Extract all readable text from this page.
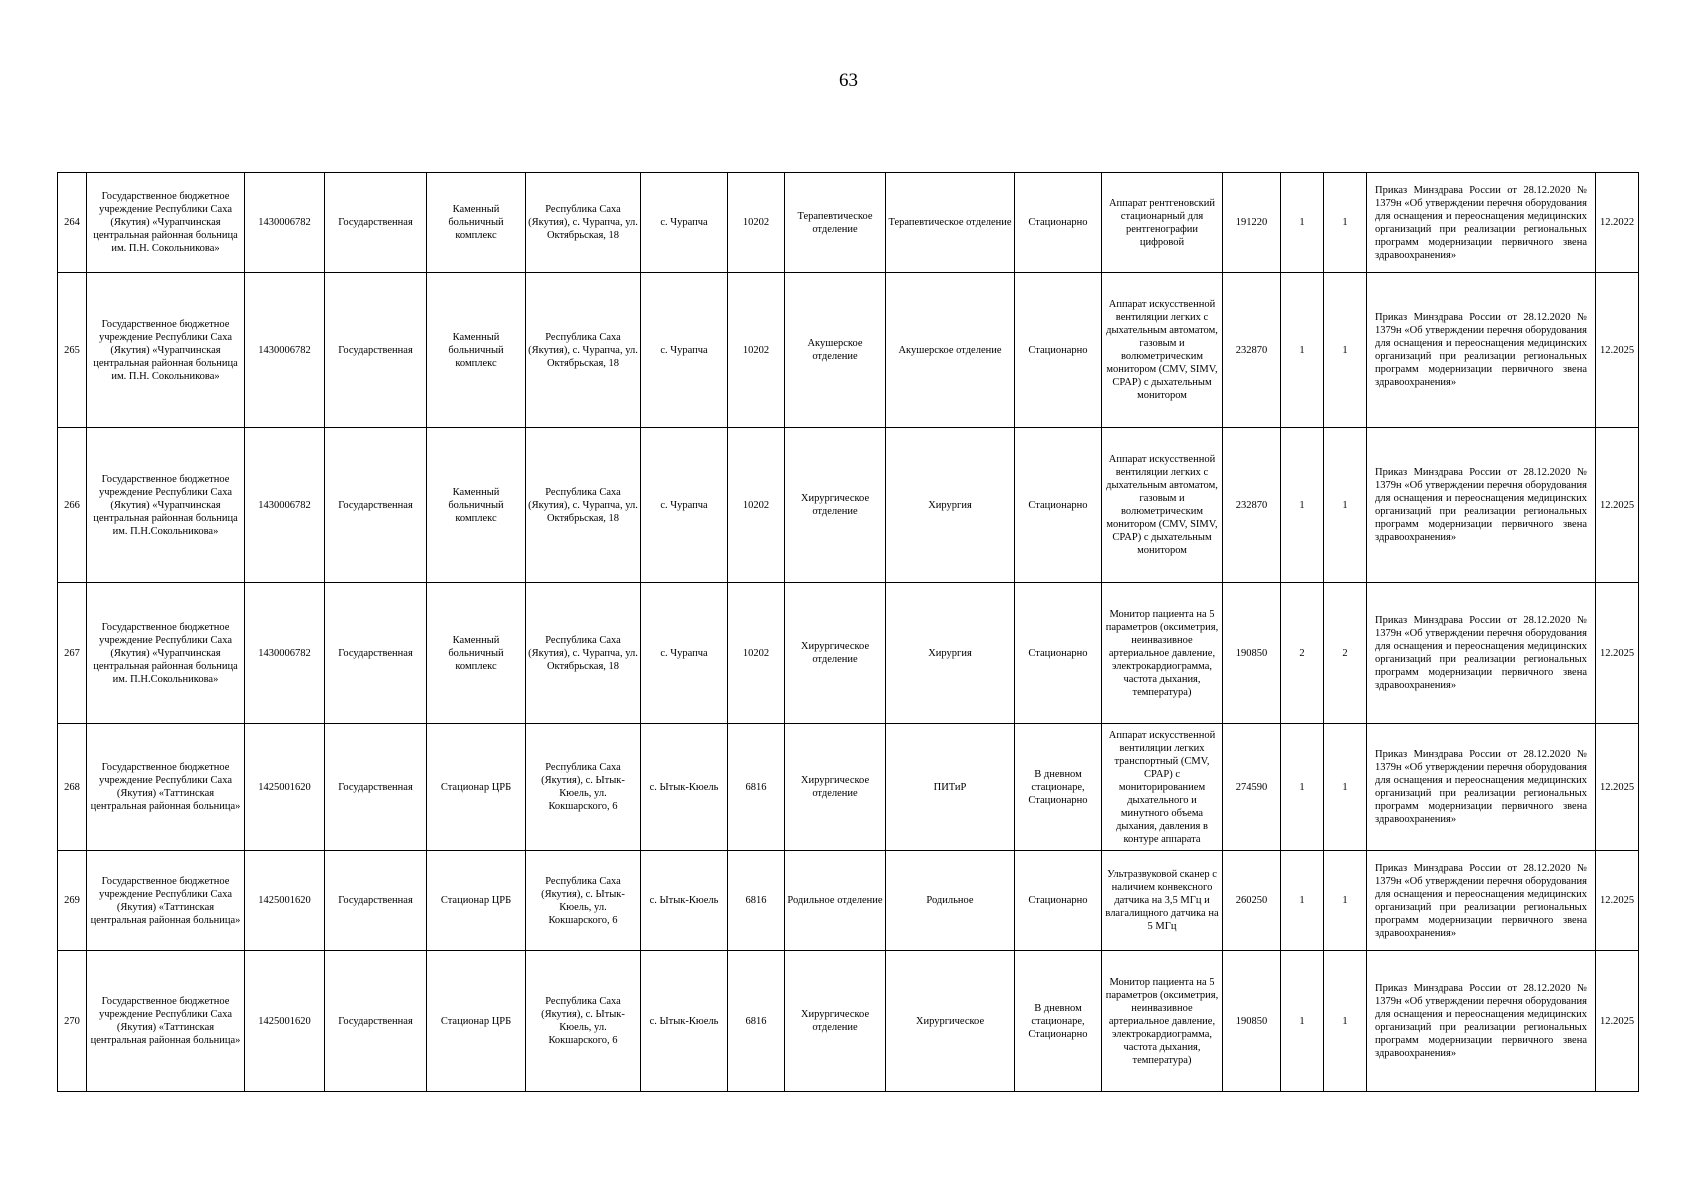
63
264	Государственное бюджетное учреждение Республики Саха (Якутия) «Чурапчинская центральная районная больница им. П.Н. Сокольникова»	1430006782	Государственная	Каменный больничный комплекс	Республика Саха (Якутия), с. Чурапча, ул. Октябрьская, 18	с. Чурапча	10202	Терапевтическое отделение	Терапевтическое отделение	Стационарно	Аппарат рентгеновский стационарный для рентгенографии цифровой	191220	1	1	Приказ Минздрава России от 28.12.2020 № 1379н «Об утверждении перечня оборудования для оснащения и переоснащения медицинских организаций при реализации региональных программ модернизации первичного звена здравоохранения»	12.2022
265	Государственное бюджетное учреждение Республики Саха (Якутия) «Чурапчинская центральная районная больница им. П.Н. Сокольникова»	1430006782	Государственная	Каменный больничный комплекс	Республика Саха (Якутия), с. Чурапча, ул. Октябрьская, 18	с. Чурапча	10202	Акушерское отделение	Акушерское отделение	Стационарно	Аппарат искусственной вентиляции легких с дыхательным автоматом, газовым и волюметрическим монитором (CMV, SIMV, CPAP) с дыхательным монитором	232870	1	1	Приказ Минздрава России от 28.12.2020 № 1379н «Об утверждении перечня оборудования для оснащения и переоснащения медицинских организаций при реализации региональных программ модернизации первичного звена здравоохранения»	12.2025
266	Государственное бюджетное учреждение Республики Саха (Якутия) «Чурапчинская центральная районная больница им. П.Н.Сокольникова»	1430006782	Государственная	Каменный больничный комплекс	Республика Саха (Якутия), с. Чурапча, ул. Октябрьская, 18	с. Чурапча	10202	Хирургическое отделение	Хирургия	Стационарно	Аппарат искусственной вентиляции легких с дыхательным автоматом, газовым и волюметрическим монитором (CMV, SIMV, CPAP) с дыхательным монитором	232870	1	1	Приказ Минздрава России от 28.12.2020 № 1379н «Об утверждении перечня оборудования для оснащения и переоснащения медицинских организаций при реализации региональных программ модернизации первичного звена здравоохранения»	12.2025
267	Государственное бюджетное учреждение Республики Саха (Якутия) «Чурапчинская центральная районная больница им. П.Н.Сокольникова»	1430006782	Государственная	Каменный больничный комплекс	Республика Саха (Якутия), с. Чурапча, ул. Октябрьская, 18	с. Чурапча	10202	Хирургическое отделение	Хирургия	Стационарно	Монитор пациента на 5 параметров (оксиметрия, неинвазивное артериальное давление, электрокардиограмма, частота дыхания, температура)	190850	2	2	Приказ Минздрава России от 28.12.2020 № 1379н «Об утверждении перечня оборудования для оснащения и переоснащения медицинских организаций при реализации региональных программ модернизации первичного звена здравоохранения»	12.2025
268	Государственное бюджетное учреждение Республики Саха (Якутия) «Таттинская центральная районная больница»	1425001620	Государственная	Стационар ЦРБ	Республика Саха (Якутия), с. Ытык-Кюель, ул. Кокшарского, 6	с. Ытык-Кюель	6816	Хирургическое отделение	ПИТиР	В дневном стационаре, Стационарно	Аппарат искусственной вентиляции легких транспортный (CMV, CPAP) с мониторированием дыхательного и минутного объема дыхания, давления в контуре аппарата	274590	1	1	Приказ Минздрава России от 28.12.2020 № 1379н «Об утверждении перечня оборудования для оснащения и переоснащения медицинских организаций при реализации региональных программ модернизации первичного звена здравоохранения»	12.2025
269	Государственное бюджетное учреждение Республики Саха (Якутия) «Таттинская центральная районная больница»	1425001620	Государственная	Стационар ЦРБ	Республика Саха (Якутия), с. Ытык-Кюель, ул. Кокшарского, 6	с. Ытык-Кюель	6816	Родильное отделение	Родильное	Стационарно	Ультразвуковой сканер с наличием конвексного датчика на 3,5 МГц и влагалищного датчика на 5 МГц	260250	1	1	Приказ Минздрава России от 28.12.2020 № 1379н «Об утверждении перечня оборудования для оснащения и переоснащения медицинских организаций при реализации региональных программ модернизации первичного звена здравоохранения»	12.2025
270	Государственное бюджетное учреждение Республики Саха (Якутия) «Таттинская центральная районная больница»	1425001620	Государственная	Стационар ЦРБ	Республика Саха (Якутия), с. Ытык-Кюель, ул. Кокшарского, 6	с. Ытык-Кюель	6816	Хирургическое отделение	Хирургическое	В дневном стационаре, Стационарно	Монитор пациента на 5 параметров (оксиметрия, неинвазивное артериальное давление, электрокардиограмма, частота дыхания, температура)	190850	1	1	Приказ Минздрава России от 28.12.2020 № 1379н «Об утверждении перечня оборудования для оснащения и переоснащения медицинских организаций при реализации региональных программ модернизации первичного звена здравоохранения»	12.2025
